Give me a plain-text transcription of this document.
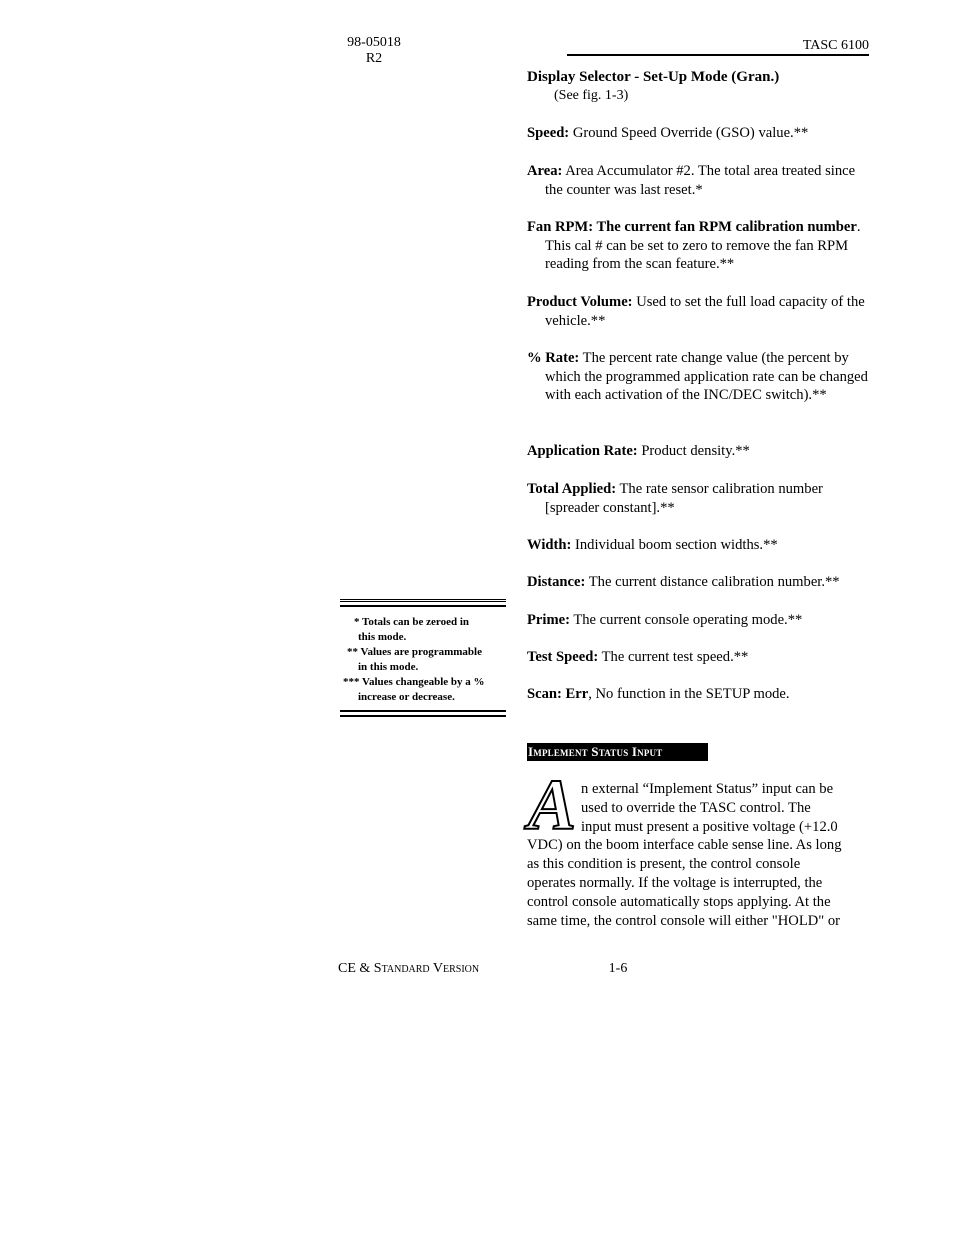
98-05018
R2
TASC 6100

Display Selector - Set-Up Mode (Gran.)

(See fig. 1-3)

Speed: Ground Speed Override (GSO) value.**

Area: Area Accumulator #2. The total area treated since the counter was last reset.*

Fan RPM: The current fan RPM calibration number. This cal # can be set to zero to remove the fan RPM reading from the scan feature.**

Product Volume: Used to set the full load capacity of the vehicle.**

% Rate: The percent rate change value (the percent by which the programmed application rate can be changed with each activation of the INC/DEC switch).**

Application Rate: Product density.**

Total Applied: The rate sensor calibration number [spreader constant].**

Width: Individual boom section widths.**

Distance: The current distance calibration number.**

Prime: The current console operating mode.**

Test Speed: The current test speed.**

Scan: Err, No function in the SETUP mode.

* Totals can be zeroed in
this mode.
** Values are programmable
in this mode.
*** Values changeable by a %
increase or decrease.
Implement Status Input
A n external “Implement Status” input can be
used to override the TASC control. The
input must present a positive voltage (+12.0
VDC) on the boom interface cable sense line. As long
as this condition is present, the control console
operates normally. If the voltage is interrupted, the
control console automatically stops applying. At the
same time, the control console will either "HOLD" or
CE & Standard Version	1-6
